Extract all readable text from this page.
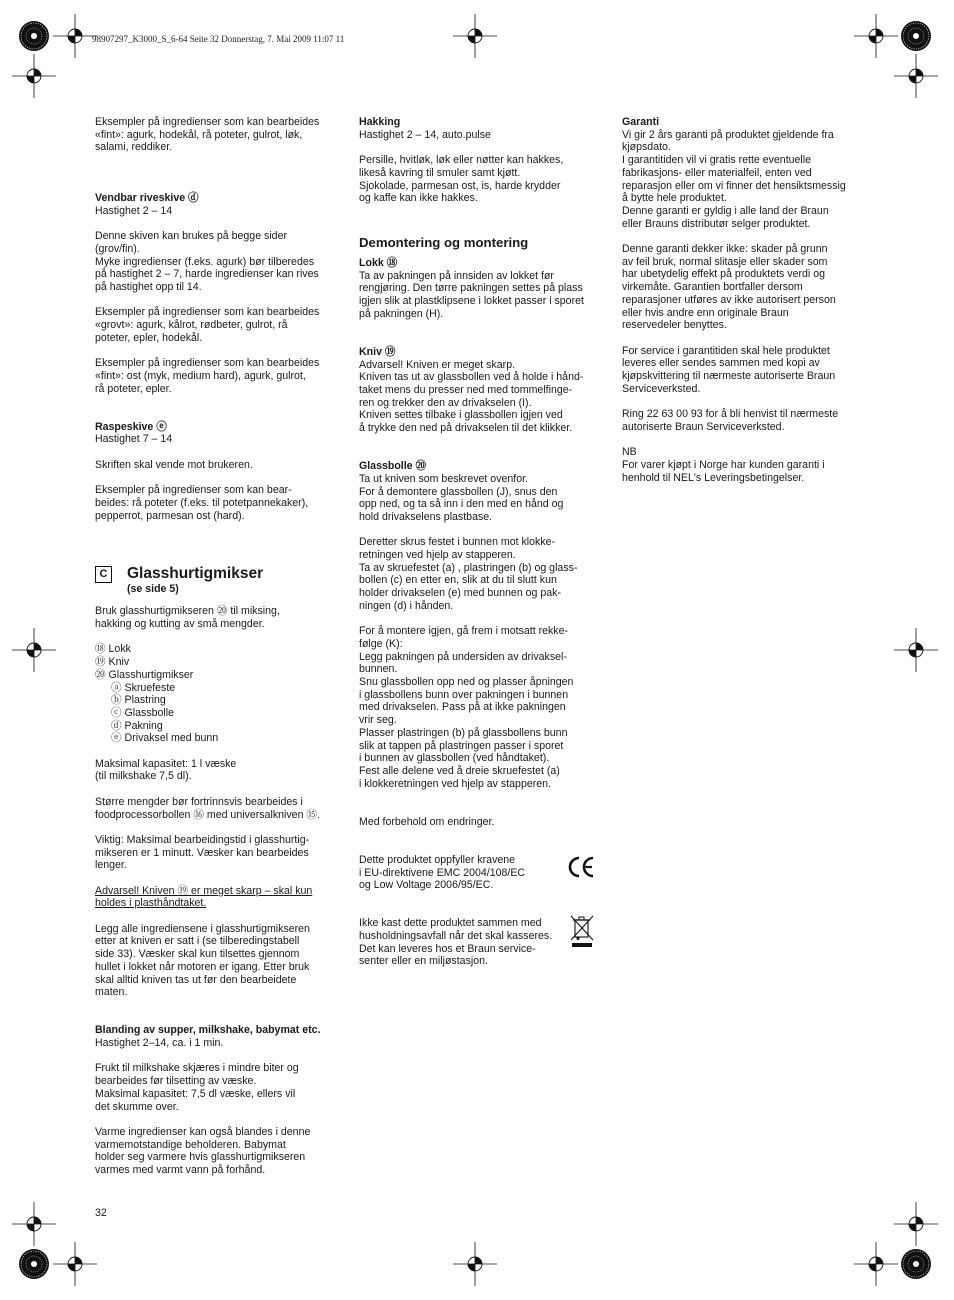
98907297_K3000_S_6-64 Seite 32 Donnerstag, 7. Mai 2009 11:07 11

Eksempler på ingredienser som kan bearbeides
«fint»: agurk, hodekål, rå poteter, gulrot, løk,
salami, reddiker.

Vendbar riveskive ⓓ

Hastighet 2 – 14

Denne skiven kan brukes på begge sider
(grov/fin).
Myke ingredienser (f.eks. agurk) bør tilberedes
på hastighet 2 – 7, harde ingredienser kan rives
på hastighet opp til 14.

Eksempler på ingredienser som kan bearbeides
«grovt»: agurk, kålrot, rødbeter, gulrot, rå
poteter, epler, hodekål.

Eksempler på ingredienser som kan bearbeides
«fint»: ost (myk, medium hard), agurk, gulrot,
rå poteter, epler.

Raspeskive ⓔ

Hastighet 7 – 14

Skriften skal vende mot brukeren.

Eksempler på ingredienser som kan bear-
beides: rå poteter (f.eks. til potetpannekaker),
pepperrot, parmesan ost (hard).

C Glasshurtigmikser
(se side 5)

Bruk glasshurtigmikseren ⑳ til miksing,
hakking og kutting av små mengder.

⑱ Lokk

⑲ Kniv

⑳ Glasshurtigmikser

ⓐ Skruefeste

ⓑ Plastring

ⓒ Glassbolle

ⓓ Pakning

ⓔ Drivaksel med bunn

Maksimal kapasitet: 1 l væske
(til milkshake 7,5 dl).

Større mengder bør fortrinnsvis bearbeides i
foodprocessorbollen ⑯ med universalkniven ⑮.

Viktig: Maksimal bearbeidingstid i glasshurtig-
mikseren er 1 minutt. Væsker kan bearbeides
lenger.

Advarsel! Kniven ⑲ er meget skarp – skal kun
holdes i plasthåndtaket.

Legg alle ingrediensene i glasshurtigmikseren
etter at kniven er satt i (se tilberedingstabell
side 33). Væsker skal kun tilsettes gjennom
hullet i lokket når motoren er igang. Etter bruk
skal alltid kniven tas ut før den bearbeidete
maten.

Blanding av supper, milkshake, babymat etc.

Hastighet 2–14, ca. i 1 min.

Frukt til milkshake skjæres i mindre biter og
bearbeides før tilsetting av væske.
Maksimal kapasitet: 7,5 dl væske, ellers vil
det skumme over.

Varme ingredienser kan også blandes i denne
varmemotstandige beholderen. Babymat
holder seg varmere hvis glasshurtigmikseren
varmes med varmt vann på forhånd.

Hakking

Hastighet 2 – 14, auto.pulse

Persille, hvitløk, løk eller nøtter kan hakkes,
likeså kavring til smuler samt kjøtt.
Sjokolade, parmesan ost, is, harde krydder
og kaffe kan ikke hakkes.

Demontering og montering

Lokk ⑱

Ta av pakningen på innsiden av lokket før
rengjøring. Den tørre pakningen settes på plass
igjen slik at plastklipsene i lokket passer i sporet
på pakningen (H).

Kniv ⑲

Advarsel! Kniven er meget skarp.
Kniven tas ut av glassbollen ved å holde i hånd-
taket mens du presser ned med tommelfinge-
ren og trekker den av drivakselen (I).
Kniven settes tilbake i glassbollen igjen ved
å trykke den ned på drivakselen til det klikker.

Glassbolle ⑳

Ta ut kniven som beskrevet ovenfor.
For å demontere glassbollen (J), snus den
opp ned, og ta så inn i den med en hånd og
hold drivakselens plastbase.

Deretter skrus festet i bunnen mot klokke-
retningen ved hjelp av stapperen.
Ta av skruefestet (a) , plastringen (b) og glass-
bollen (c) en etter en, slik at du til slutt kun
holder drivakselen (e) med bunnen og pak-
ningen (d) i hånden.

For å montere igjen, gå frem i motsatt rekke-
følge (K):
Legg pakningen på undersiden av drivaksel-
bunnen.
Snu glassbollen opp ned og plasser åpningen
i glassbollens bunn over pakningen i bunnen
med drivakselen. Pass på at ikke pakningen
vrir seg.
Plasser plastringen (b) på glassbollens bunn
slik at tappen på plastringen passer i sporet
i bunnen av glassbollen (ved håndtaket).
Fest alle delene ved å dreie skruefestet (a)
i klokkeretningen ved hjelp av stapperen.

Med forbehold om endringer.

Dette produktet oppfyller kravene
i EU-direktivene EMC 2004/108/EC
og Low Voltage 2006/95/EC.

Ikke kast dette produktet sammen med
husholdningsavfall når det skal kasseres.
Det kan leveres hos et Braun service-
senter eller en miljøstasjon.

Garanti

Vi gir 2 års garanti på produktet gjeldende fra
kjøpsdato.
I garantitiden vil vi gratis rette eventuelle
fabrikasjons- eller materialfeil, enten ved
reparasjon eller om vi finner det hensiktsmessig
å bytte hele produktet.
Denne garanti er gyldig i alle land der Braun
eller Brauns distributør selger produktet.

Denne garanti dekker ikke: skader på grunn
av feil bruk, normal slitasje eller skader som
har ubetydelig effekt på produktets verdi og
virkemåte. Garantien bortfaller dersom
reparasjoner utføres av ikke autorisert person
eller hvis andre enn originale Braun
reservedeler benyttes.

For service i garantitiden skal hele produktet
leveres eller sendes sammen med kopi av
kjøpskvittering til nærmeste autoriserte Braun
Serviceverksted.

Ring 22 63 00 93 for å bli henvist til nærmeste
autoriserte Braun Serviceverksted.

NB

For varer kjøpt i Norge har kunden garanti i
henhold til NEL's Leveringsbetingelser.

32
